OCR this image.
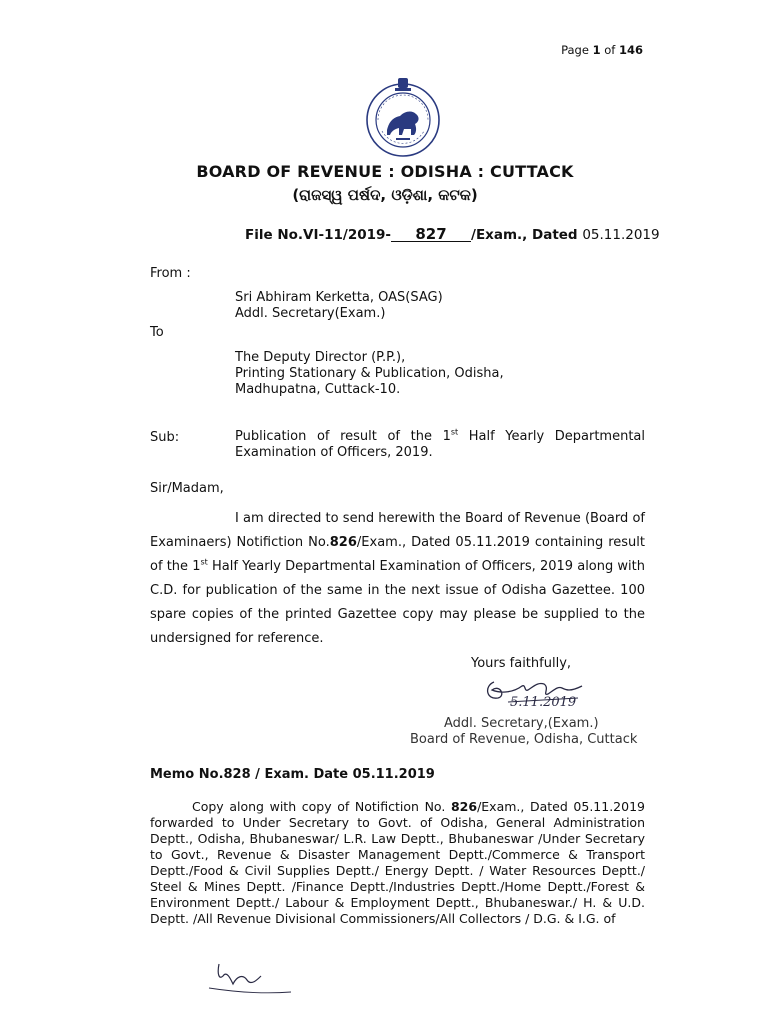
Page 1 of 146
BOARD OF REVENUE : ODISHA : CUTTACK
(ରାଜସ୍ୱ ପର୍ଷଦ, ଓଡ଼ିଶା, କଟକ)
File No.VI-11/2019- 827 /Exam., Dated 05.11.2019
From :
Sri Abhiram Kerketta, OAS(SAG)
Addl. Secretary(Exam.)
To
The Deputy Director (P.P.),
Printing Stationary & Publication, Odisha,
Madhupatna, Cuttack-10.
Sub:	Publication of result of the 1st Half Yearly Departmental Examination of Officers, 2019.
Sir/Madam,
I am directed to send herewith the Board of Revenue (Board of Examinaers) Notifiction No.826/Exam., Dated 05.11.2019 containing result of the 1st Half Yearly Departmental Examination of Officers, 2019 along with C.D. for publication of the same in the next issue of Odisha Gazettee. 100 spare copies of the printed Gazettee copy may please be supplied to the undersigned for reference.
Yours faithfully,
5.11.2019
Addl. Secretary,(Exam.)
Board of Revenue, Odisha, Cuttack
Memo No.828 / Exam. Date 05.11.2019
Copy along with copy of Notifiction No. 826/Exam., Dated 05.11.2019 forwarded to Under Secretary to Govt. of Odisha, General Administration Deptt., Odisha, Bhubaneswar/ L.R. Law Deptt., Bhubaneswar /Under Secretary to Govt., Revenue & Disaster Management Deptt./Commerce & Transport Deptt./Food & Civil Supplies Deptt./ Energy Deptt. / Water Resources Deptt./ Steel & Mines Deptt. /Finance Deptt./Industries Deptt./Home Deptt./Forest & Environment Deptt./ Labour & Employment Deptt., Bhubaneswar./ H. & U.D. Deptt. /All Revenue Divisional Commissioners/All Collectors / D.G. & I.G. of
